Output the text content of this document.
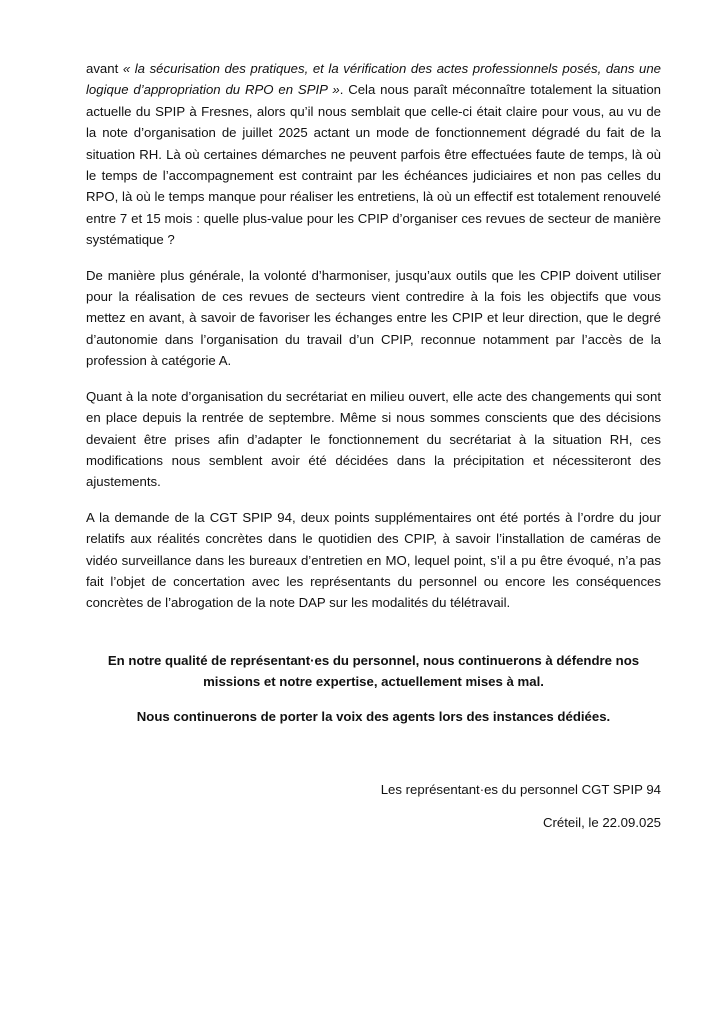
avant « la sécurisation des pratiques, et la vérification des actes professionnels posés, dans une logique d’appropriation du RPO en SPIP ». Cela nous paraît méconnaître totalement la situation actuelle du SPIP à Fresnes, alors qu’il nous semblait que celle-ci était claire pour vous, au vu de la note d’organisation de juillet 2025 actant un mode de fonctionnement dégradé du fait de la situation RH. Là où certaines démarches ne peuvent parfois être effectuées faute de temps, là où le temps de l’accompagnement est contraint par les échéances judiciaires et non pas celles du RPO, là où le temps manque pour réaliser les entretiens, là où un effectif est totalement renouvelé entre 7 et 15 mois : quelle plus-value pour les CPIP d’organiser ces revues de secteur de manière systématique ?

De manière plus générale, la volonté d’harmoniser, jusqu’aux outils que les CPIP doivent utiliser pour la réalisation de ces revues de secteurs vient contredire à la fois les objectifs que vous mettez en avant, à savoir de favoriser les échanges entre les CPIP et leur direction, que le degré d’autonomie dans l’organisation du travail d’un CPIP, reconnue notamment par l’accès de la profession à catégorie A.

Quant à la note d’organisation du secrétariat en milieu ouvert, elle acte des changements qui sont en place depuis la rentrée de septembre. Même si nous sommes conscients que des décisions devaient être prises afin d’adapter le fonctionnement du secrétariat à la situation RH, ces modifications nous semblent avoir été décidées dans la précipitation et nécessiteront des ajustements.

A la demande de la CGT SPIP 94, deux points supplémentaires ont été portés à l’ordre du jour relatifs aux réalités concrètes dans le quotidien des CPIP, à savoir l’installation de caméras de vidéo surveillance dans les bureaux d’entretien en MO, lequel point, s’il a pu être évoqué, n’a pas fait l’objet de concertation avec les représentants du personnel ou encore les conséquences concrètes de l’abrogation de la note DAP sur les modalités du télétravail.

En notre qualité de représentant·es du personnel, nous continuerons à défendre nos missions et notre expertise, actuellement mises à mal.

Nous continuerons de porter la voix des agents lors des instances dédiées.

Les représentant·es du personnel CGT SPIP 94

Créteil, le 22.09.025
